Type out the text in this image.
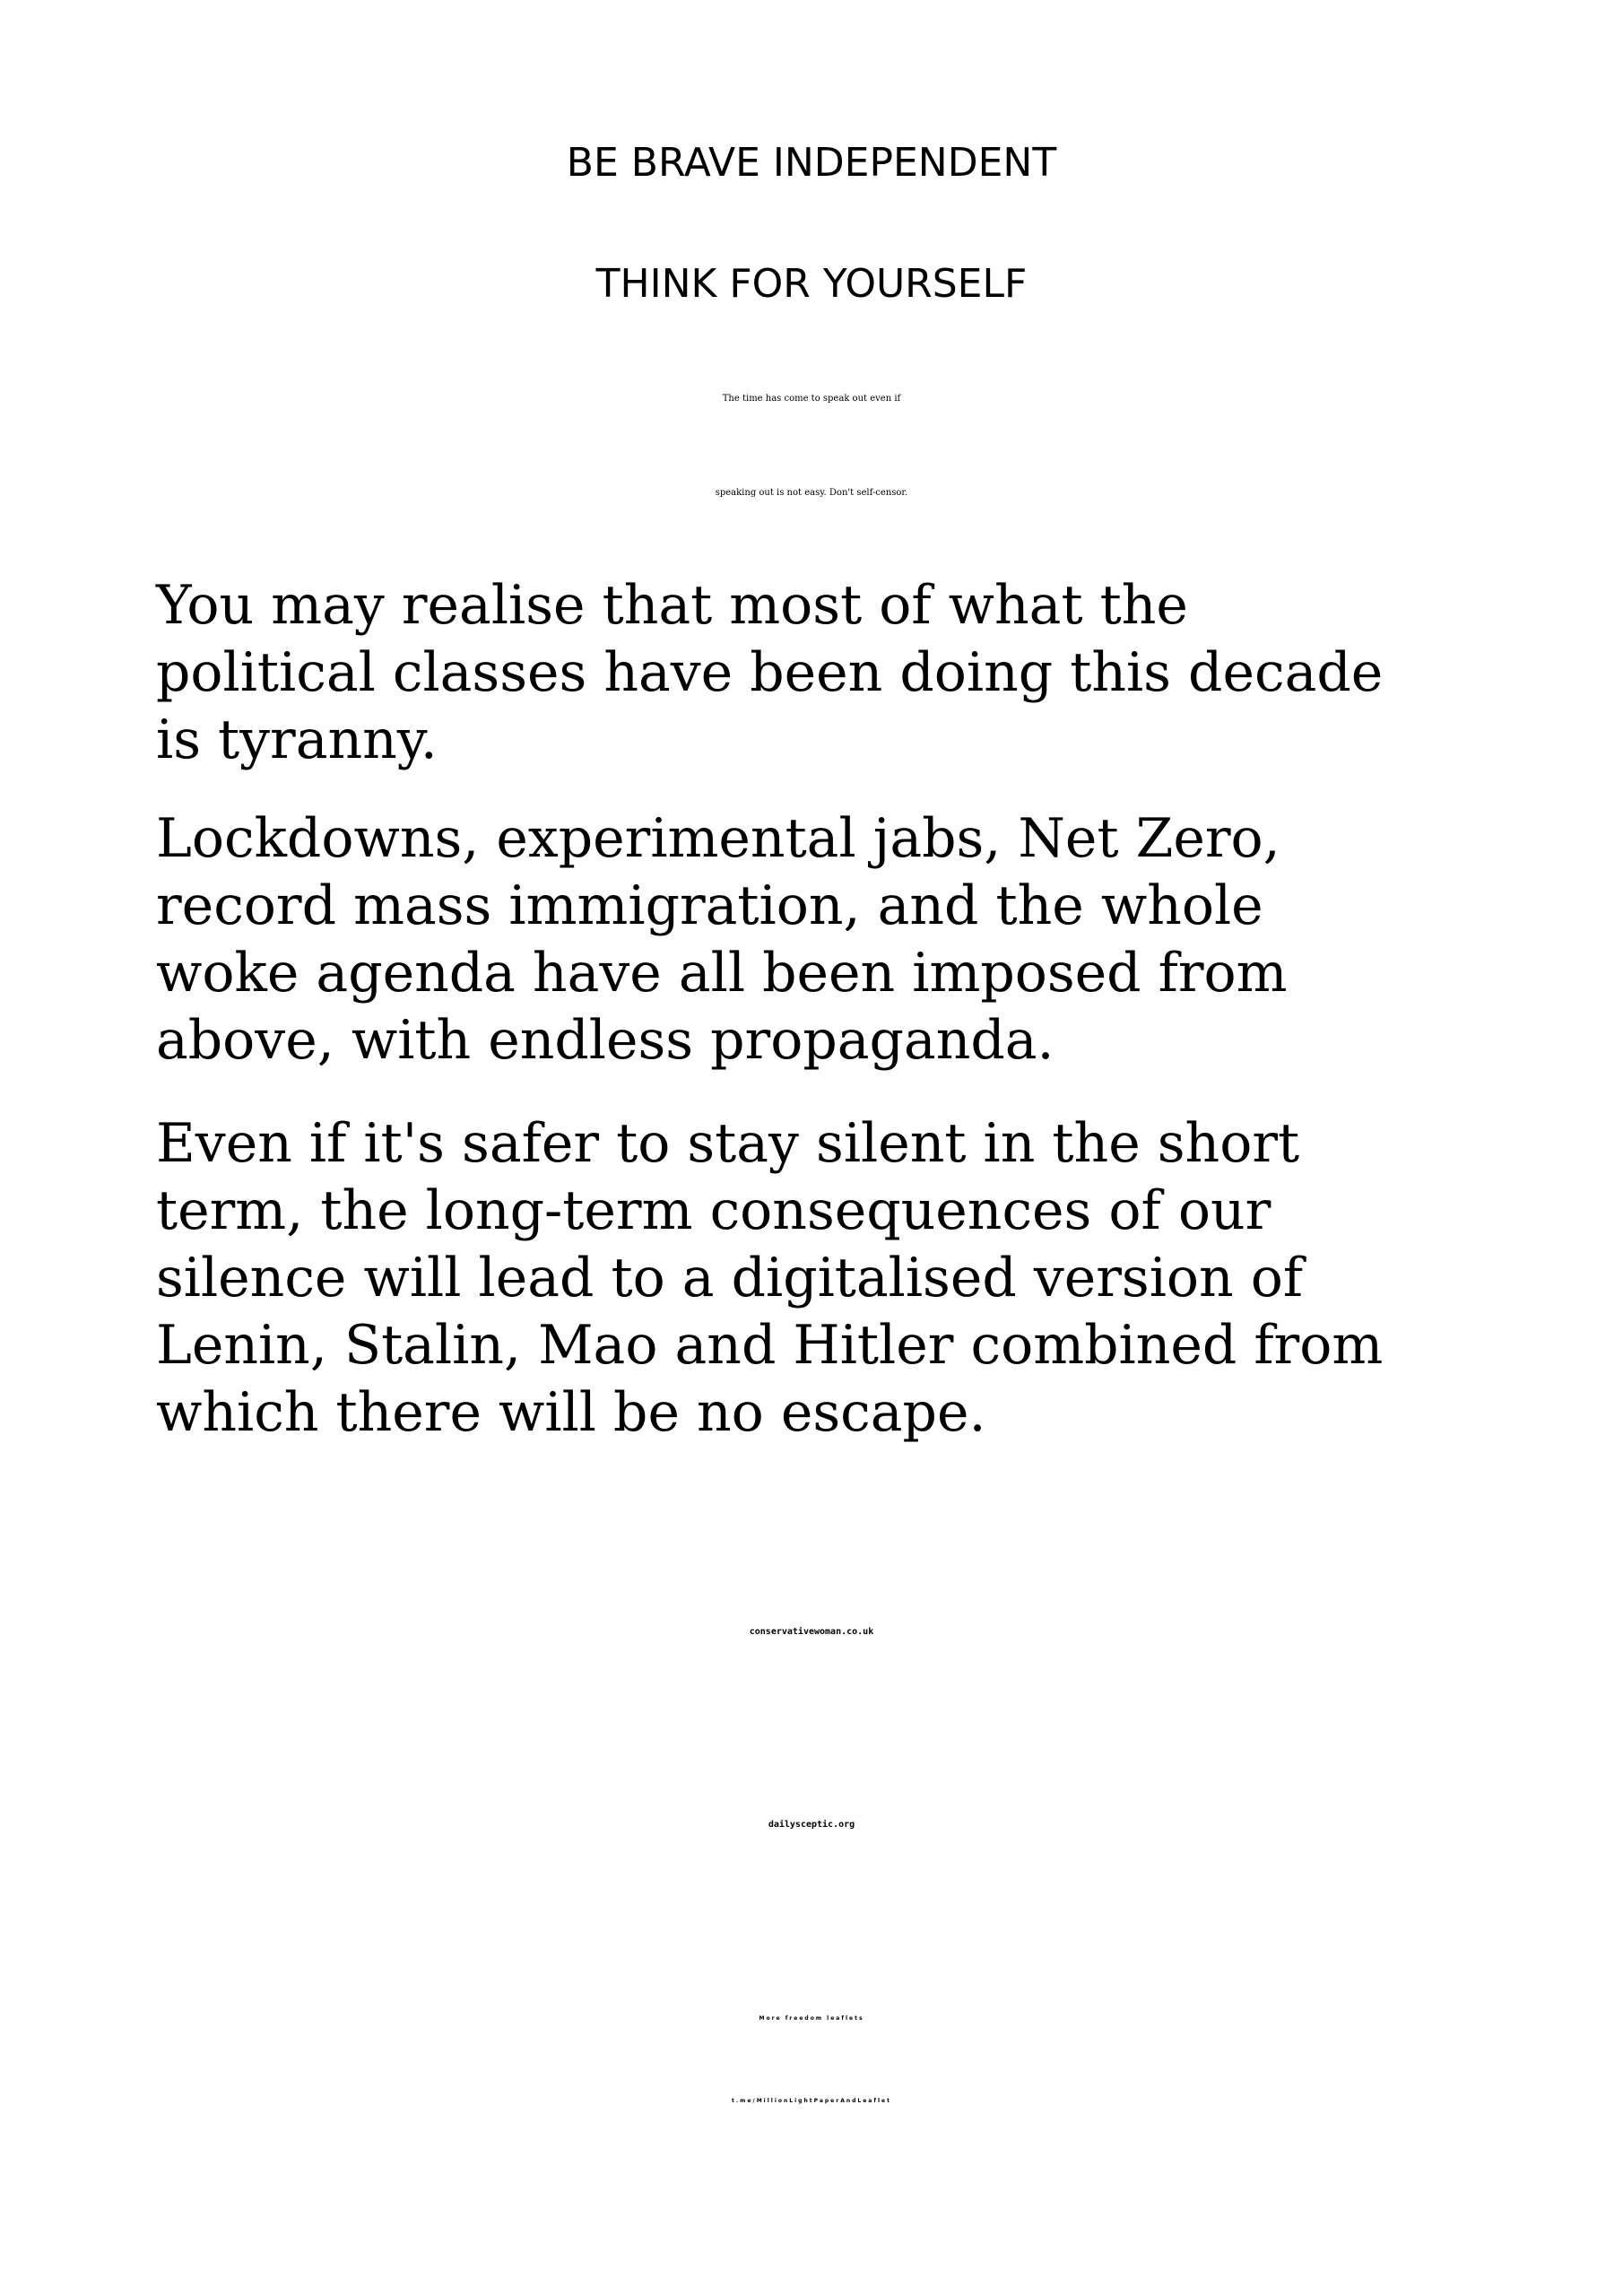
BE BRAVE INDEPENDENT
THINK FOR YOURSELF
The time has come to speak out even if
speaking out is not easy. Don't self-censor.
You may realise that most of what the
political classes have been doing this decade
is tyranny.
Lockdowns, experimental jabs, Net Zero,
record mass immigration, and the whole
woke agenda have all been imposed from
above, with endless propaganda.
Even if it's safer to stay silent in the short
term, the long-term consequences of our
silence will lead to a digitalised version of
Lenin, Stalin, Mao and Hitler combined from
which there will be no escape.
conservativewoman.co.uk
dailysceptic.org
More freedom leaflets
t.me/MillionLightPaperAndLeaflet
